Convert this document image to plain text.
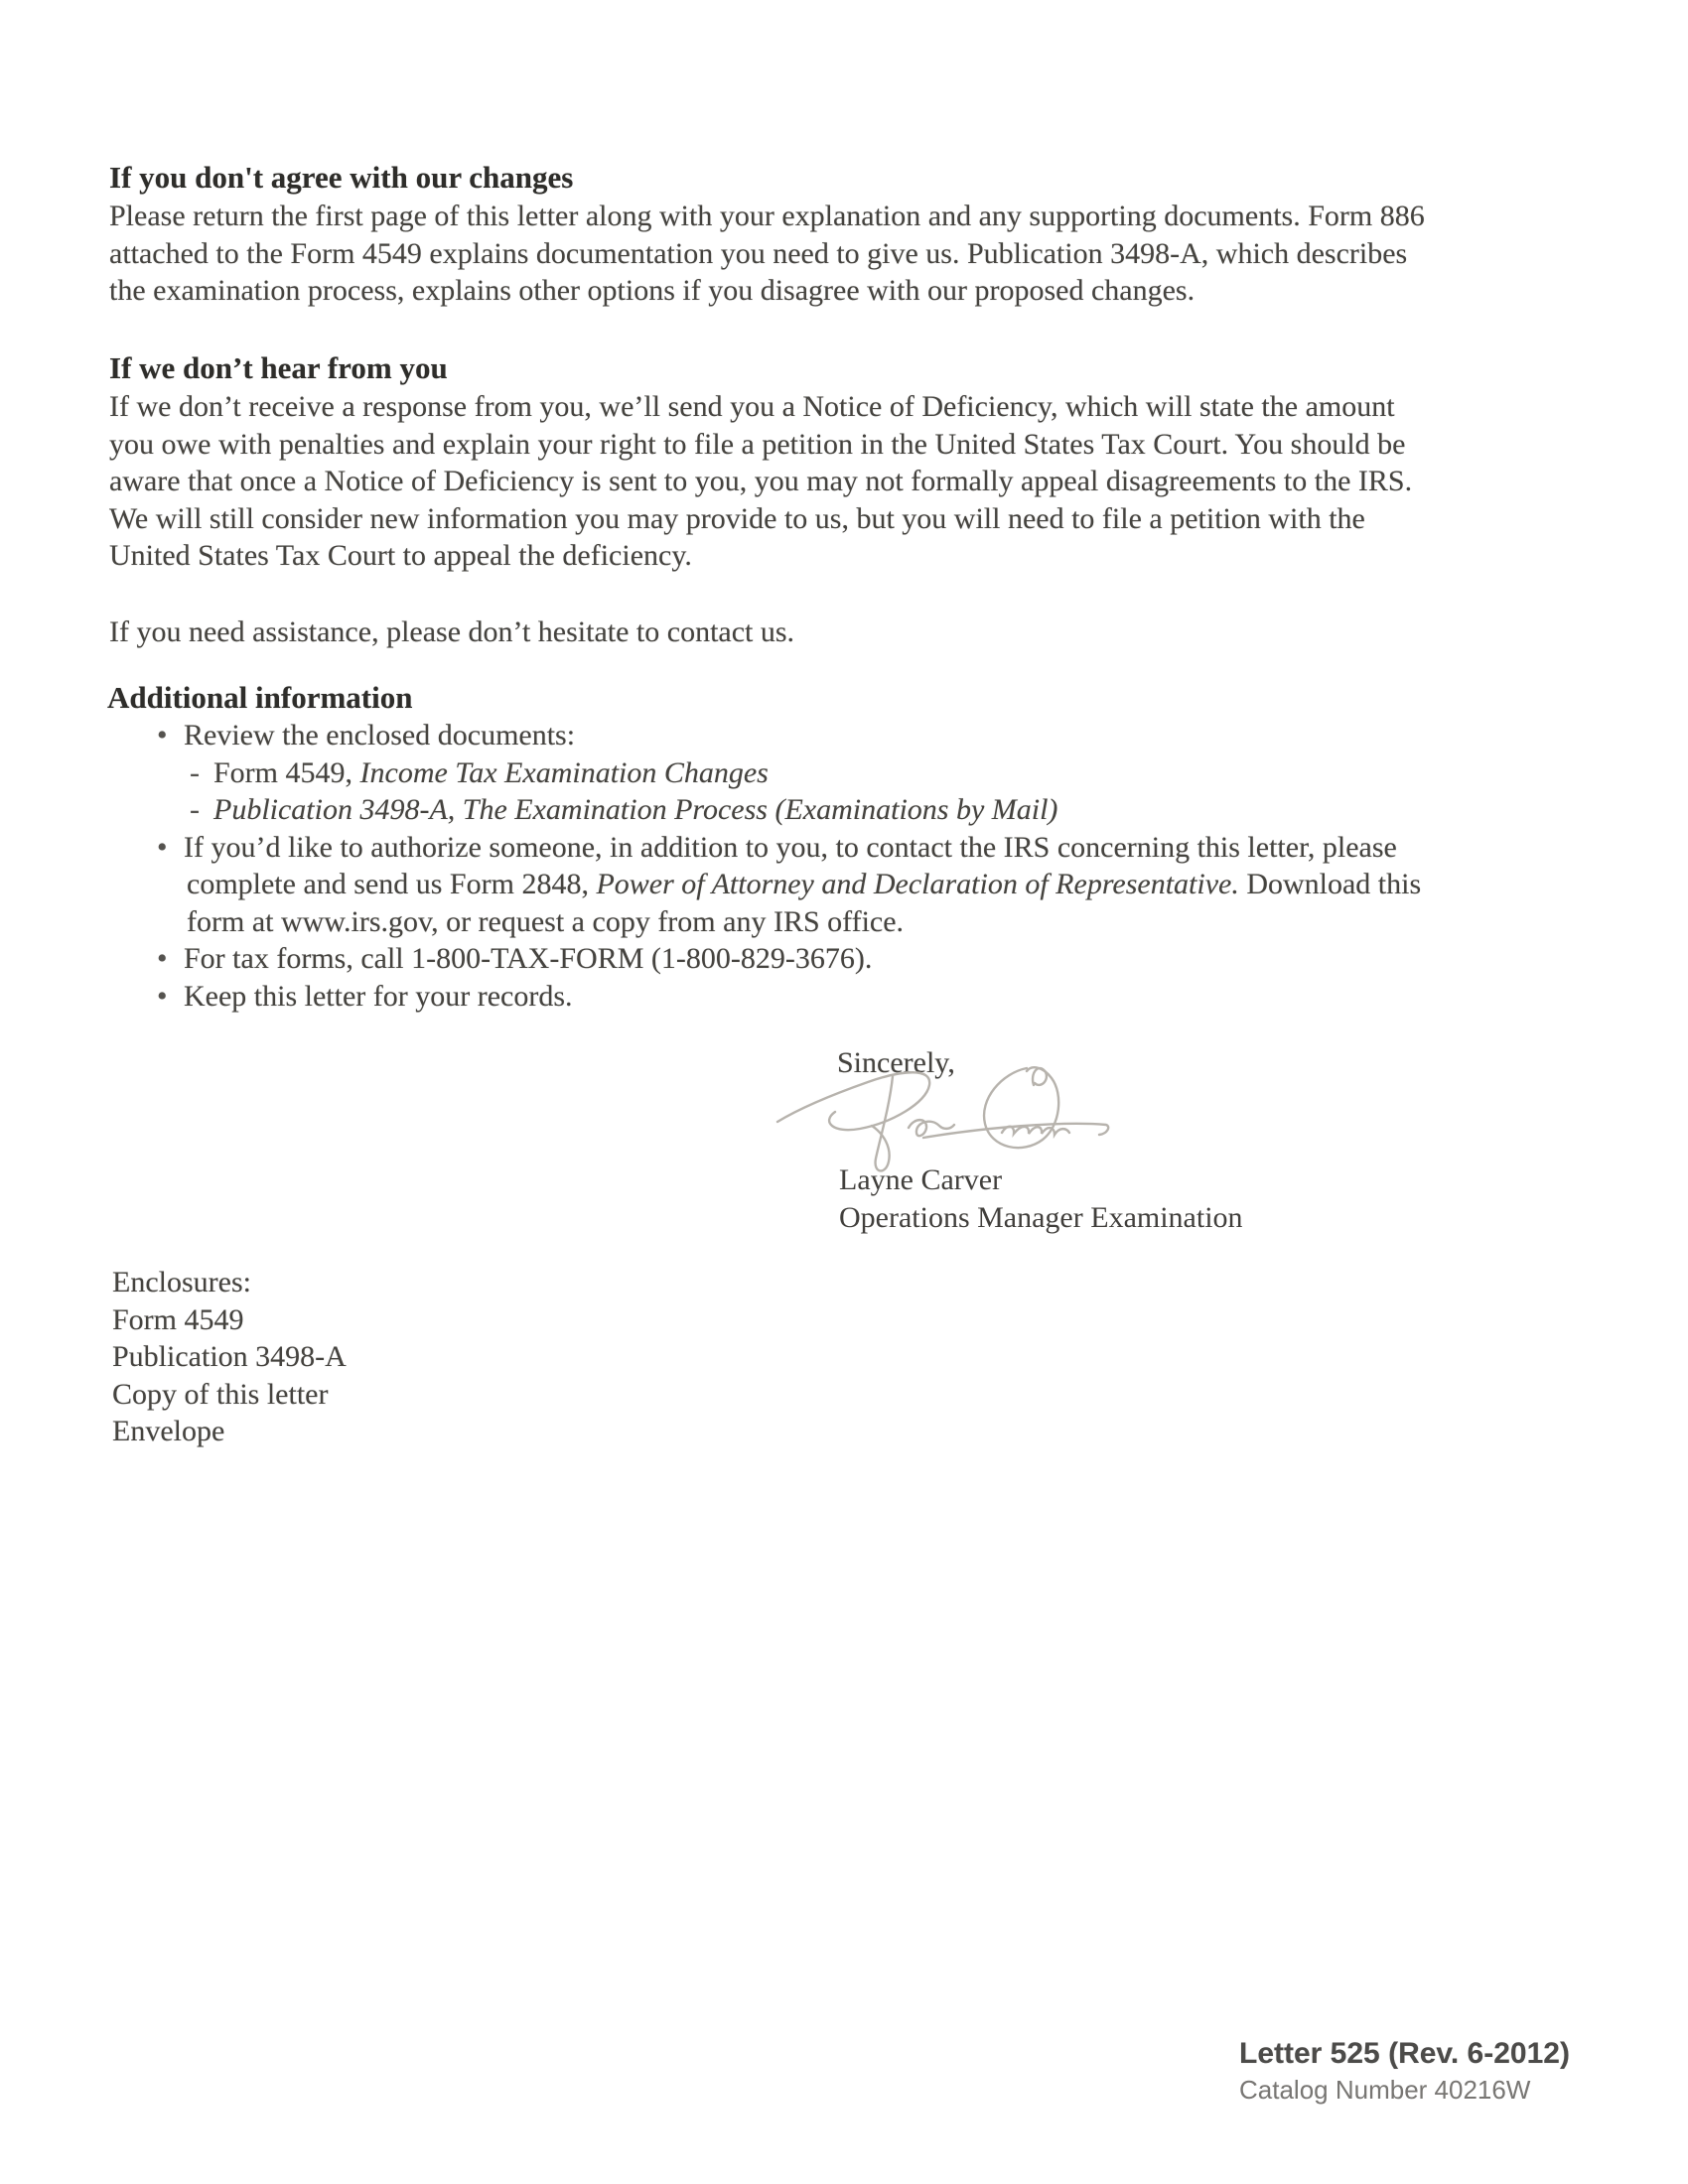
If you don't agree with our changes
Please return the first page of this letter along with your explanation and any supporting documents. Form 886
attached to the Form 4549 explains documentation you need to give us. Publication 3498-A, which describes
the examination process, explains other options if you disagree with our proposed changes.
If we don’t hear from you
If we don’t receive a response from you, we’ll send you a Notice of Deficiency, which will state the amount
you owe with penalties and explain your right to file a petition in the United States Tax Court. You should be
aware that once a Notice of Deficiency is sent to you, you may not formally appeal disagreements to the IRS.
We will still consider new information you may provide to us, but you will need to file a petition with the
United States Tax Court to appeal the deficiency.
If you need assistance, please don’t hesitate to contact us.
Additional information
• Review the enclosed documents:
- Form 4549, Income Tax Examination Changes
- Publication 3498-A, The Examination Process (Examinations by Mail)
• If you’d like to authorize someone, in addition to you, to contact the IRS concerning this letter, please
complete and send us Form 2848, Power of Attorney and Declaration of Representative. Download this
form at www.irs.gov, or request a copy from any IRS office.
• For tax forms, call 1-800-TAX-FORM (1-800-829-3676).
• Keep this letter for your records.
Sincerely,
Layne Carver
Operations Manager Examination
Enclosures:
Form 4549
Publication 3498-A
Copy of this letter
Envelope
Letter 525 (Rev. 6-2012)
Catalog Number 40216W
